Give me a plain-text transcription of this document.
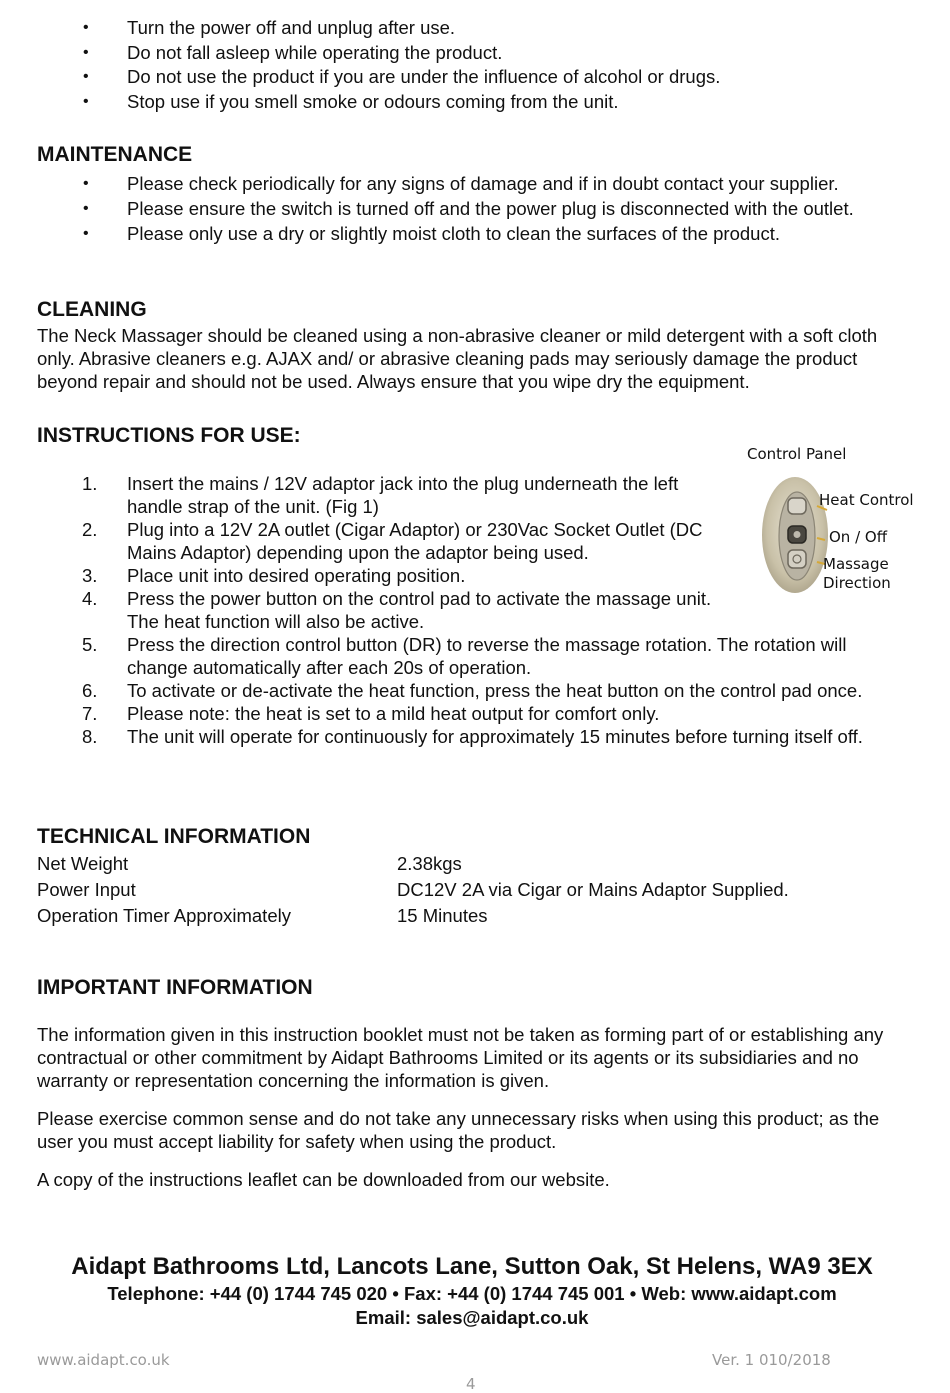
• Turn the power off and unplug after use.
• Do not fall asleep while operating the product.
• Do not use the product if you are under the influence of alcohol or drugs.
• Stop use if you smell smoke or odours coming from the unit.
MAINTENANCE
• Please check periodically for any signs of damage and if in doubt contact your supplier.
• Please ensure the switch is turned off and the power plug is disconnected with the outlet.
• Please only use a dry or slightly moist cloth to clean the surfaces of the product.
CLEANING

The Neck Massager should be cleaned using a non-abrasive cleaner or mild detergent with a soft cloth only. Abrasive cleaners e.g. AJAX and/ or abrasive cleaning pads may seriously damage the product beyond repair and should not be used. Always ensure that you wipe dry the equipment.

INSTRUCTIONS FOR USE:
1. Insert the mains / 12V adaptor jack into the plug underneath the left handle strap of the unit. (Fig 1)
2. Plug into a 12V 2A outlet (Cigar Adaptor) or 230Vac Socket Outlet (DC Mains Adaptor) depending upon the adaptor being used.
3. Place unit into desired operating position.
4. Press the power button on the control pad to activate the massage unit. The heat function will also be active.
5. Press the direction control button (DR) to reverse the massage rotation. The rotation will change automatically after each 20s of operation.
6. To activate or de-activate the heat function, press the heat button on the control pad once.
7. Please note: the heat is set to a mild heat output for comfort only.
8. The unit will operate for continuously for approximately 15 minutes before turning itself off.
Control Panel
Heat Control
On / Off
Massage
Direction
TECHNICAL INFORMATION
Net Weight	2.38kgs
Power Input	DC12V 2A via Cigar or Mains Adaptor Supplied.
Operation Timer Approximately	15 Minutes
IMPORTANT INFORMATION

The information given in this instruction booklet must not be taken as forming part of or establishing any contractual or other commitment by Aidapt Bathrooms Limited or its agents or its subsidiaries and no warranty or representation concerning the information is given.

Please exercise common sense and do not take any unnecessary risks when using this product; as the user you must accept liability for safety when using the product.

A copy of the instructions leaflet can be downloaded from our website.

Aidapt Bathrooms Ltd, Lancots Lane, Sutton Oak, St Helens, WA9 3EX
Telephone: +44 (0) 1744 745 020 • Fax: +44 (0) 1744 745 001 • Web: www.aidapt.com
Email: sales@aidapt.co.uk
www.aidapt.co.uk	Ver. 1 010/2018
4
